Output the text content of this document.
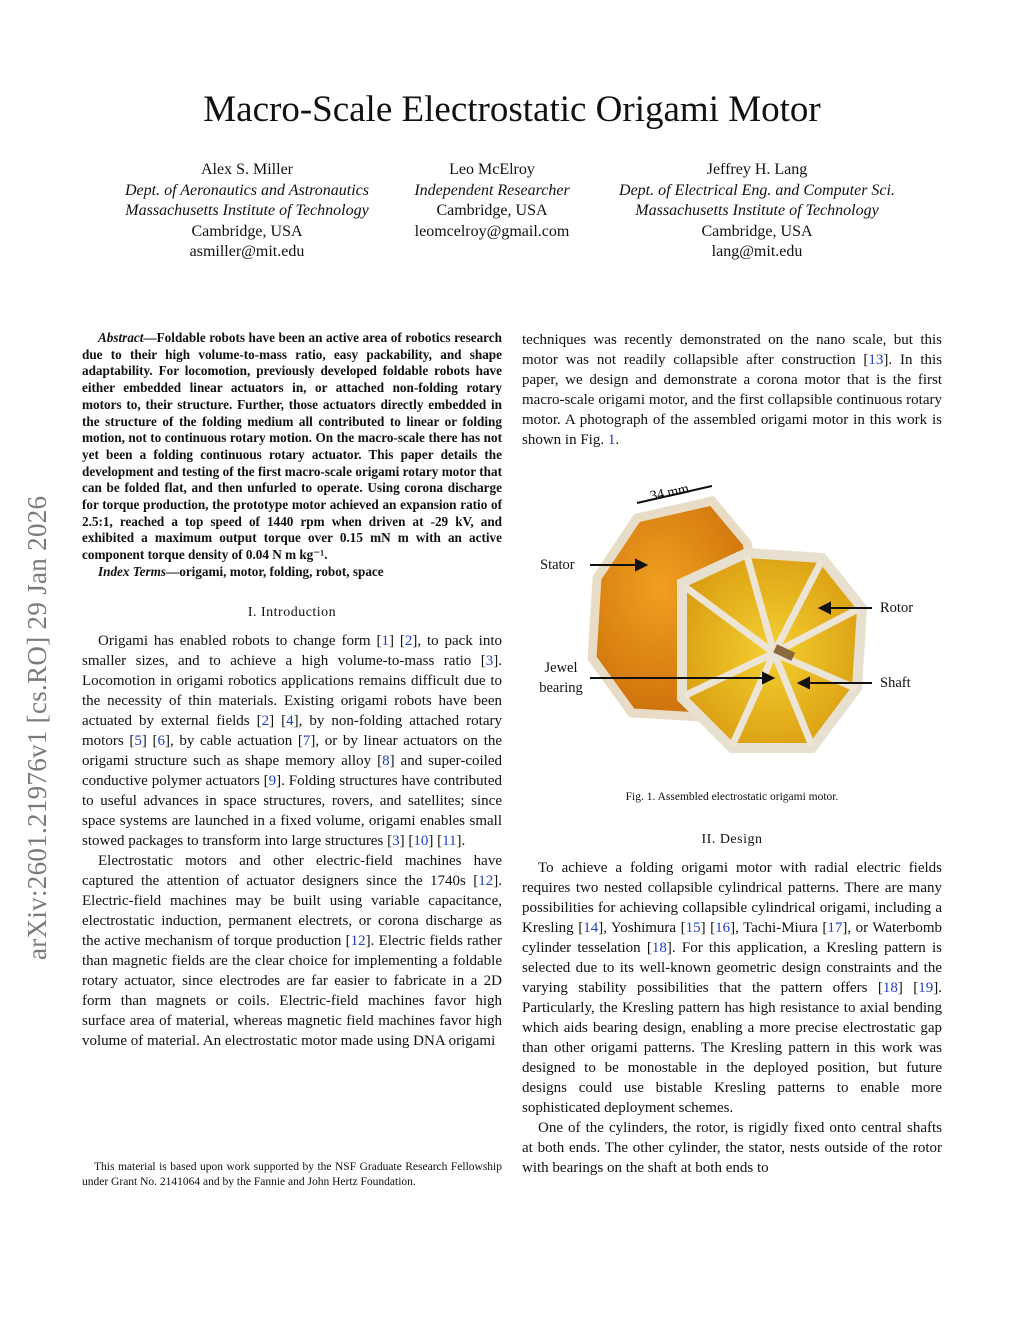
Macro-Scale Electrostatic Origami Motor
Alex S. Miller
Dept. of Aeronautics and Astronautics
Massachusetts Institute of Technology
Cambridge, USA
asmiller@mit.edu
Leo McElroy
Independent Researcher
Cambridge, USA
leomcelroy@gmail.com
Jeffrey H. Lang
Dept. of Electrical Eng. and Computer Sci.
Massachusetts Institute of Technology
Cambridge, USA
lang@mit.edu
arXiv:2601.21976v1 [cs.RO] 29 Jan 2026

Abstract—Foldable robots have been an active area of robotics research due to their high volume-to-mass ratio, easy packability, and shape adaptability. For locomotion, previously developed foldable robots have either embedded linear actuators in, or attached non-folding rotary motors to, their structure. Further, those actuators directly embedded in the structure of the folding medium all contributed to linear or folding motion, not to continuous rotary motion. On the macro-scale there has not yet been a folding continuous rotary actuator. This paper details the development and testing of the first macro-scale origami rotary motor that can be folded flat, and then unfurled to operate. Using corona discharge for torque production, the prototype motor achieved an expansion ratio of 2.5:1, reached a top speed of 1440 rpm when driven at -29 kV, and exhibited a maximum output torque over 0.15 mN m with an active component torque density of 0.04 N m kg⁻¹.

Index Terms—origami, motor, folding, robot, space

I. Introduction

Origami has enabled robots to change form [1] [2], to pack into smaller sizes, and to achieve a high volume-to-mass ratio [3]. Locomotion in origami robotics applications remains difficult due to the necessity of thin materials. Existing origami robots have been actuated by external fields [2] [4], by non-folding attached rotary motors [5] [6], by cable actuation [7], or by linear actuators on the origami structure such as shape memory alloy [8] and super-coiled conductive polymer actuators [9]. Folding structures have contributed to useful advances in space structures, rovers, and satellites; since space systems are launched in a fixed volume, origami enables small stowed packages to transform into large structures [3] [10] [11].

Electrostatic motors and other electric-field machines have captured the attention of actuator designers since the 1740s [12]. Electric-field machines may be built using variable capacitance, electrostatic induction, permanent electrets, or corona discharge as the active mechanism of torque production [12]. Electric fields rather than magnetic fields are the clear choice for implementing a foldable rotary actuator, since electrodes are far easier to fabricate in a 2D form than magnets or coils. Electric-field machines favor high surface area of material, whereas magnetic field machines favor high volume of material. An electrostatic motor made using DNA origami

This material is based upon work supported by the NSF Graduate Research Fellowship under Grant No. 2141064 and by the Fannie and John Hertz Foundation.

techniques was recently demonstrated on the nano scale, but this motor was not readily collapsible after construction [13]. In this paper, we design and demonstrate a corona motor that is the first macro-scale origami motor, and the first collapsible continuous rotary motor. A photograph of the assembled origami motor in this work is shown in Fig. 1.

34 mm
Stator
Rotor
Jewel bearing	Shaft
Fig. 1. Assembled electrostatic origami motor.
II. Design

To achieve a folding origami motor with radial electric fields requires two nested collapsible cylindrical patterns. There are many possibilities for achieving collapsible cylindrical origami, including a Kresling [14], Yoshimura [15] [16], Tachi-Miura [17], or Waterbomb cylinder tesselation [18]. For this application, a Kresling pattern is selected due to its well-known geometric design constraints and the varying stability possibilities that the pattern offers [18] [19]. Particularly, the Kresling pattern has high resistance to axial bending which aids bearing design, enabling a more precise electrostatic gap than other origami patterns. The Kresling pattern in this work was designed to be monostable in the deployed position, but future designs could use bistable Kresling patterns to enable more sophisticated deployment schemes.

One of the cylinders, the rotor, is rigidly fixed onto central shafts at both ends. The other cylinder, the stator, nests outside of the rotor with bearings on the shaft at both ends to
